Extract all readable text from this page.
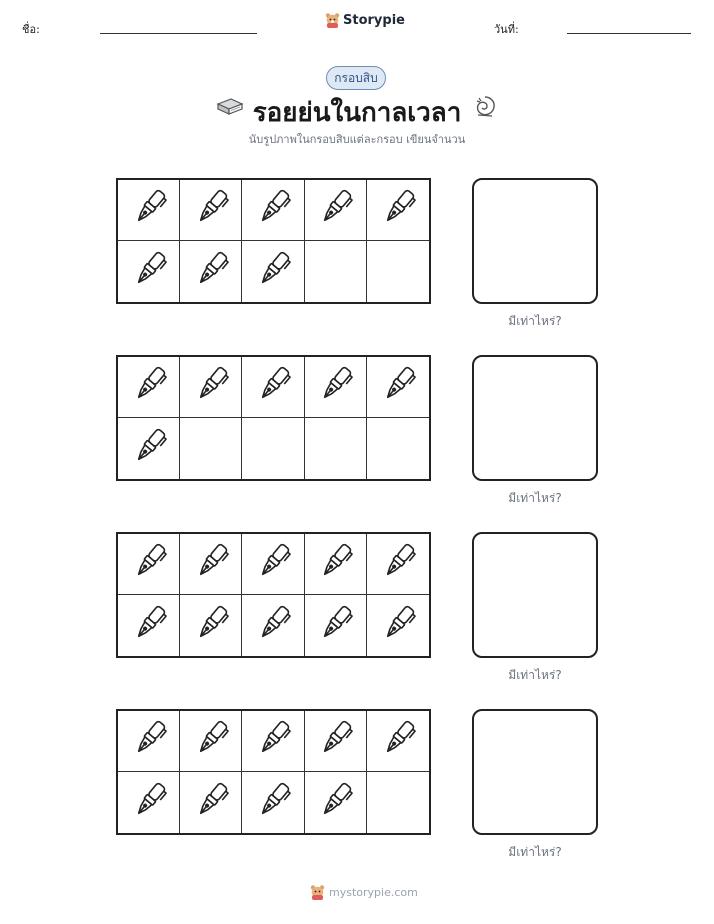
ชื่อ:
Storypie
วันที่:
กรอบสิบ
รอยย่นในกาลเวลา
นับรูปภาพในกรอบสิบแต่ละกรอบ เขียนจำนวน
มีเท่าไหร่?
มีเท่าไหร่?
มีเท่าไหร่?
มีเท่าไหร่?
mystorypie.com
